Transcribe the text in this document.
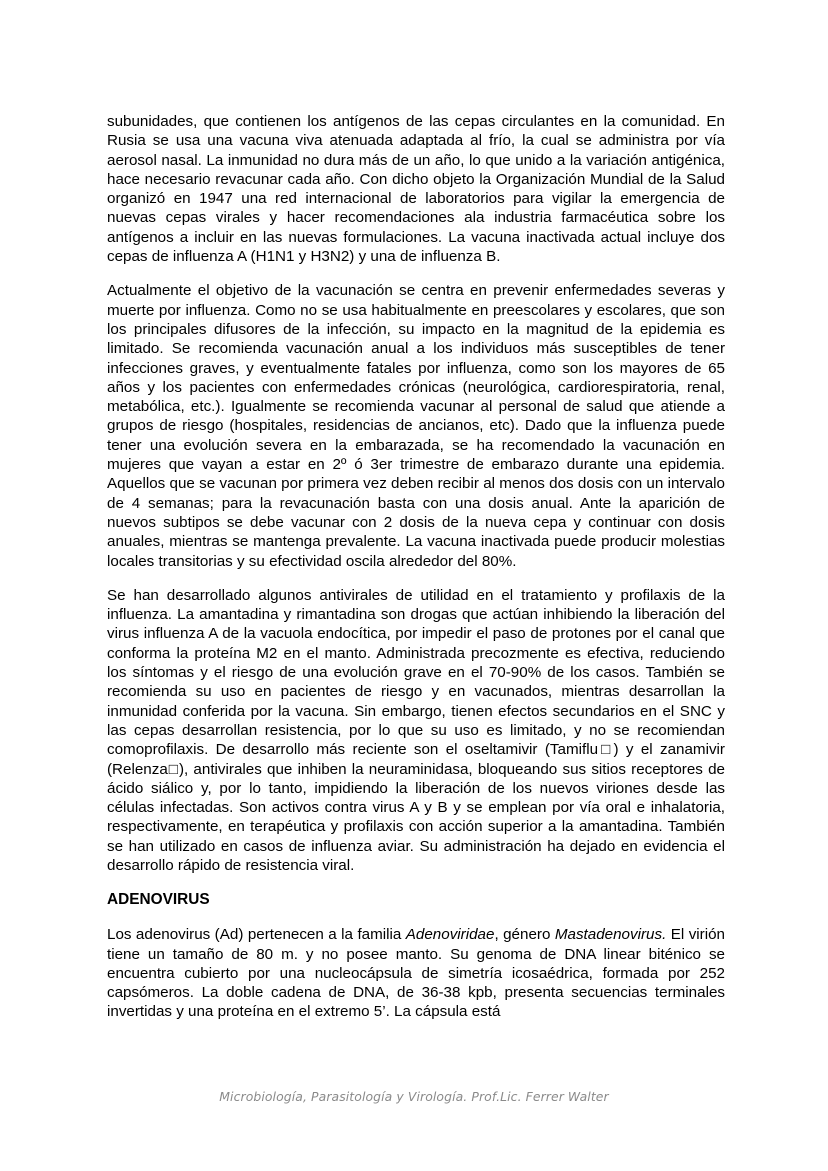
subunidades, que contienen los antígenos de las cepas circulantes en la comunidad. En Rusia se usa una vacuna viva atenuada adaptada al frío, la cual se administra por vía aerosol nasal. La inmunidad no dura más de un año, lo que unido a la variación antigénica, hace necesario revacunar cada año. Con dicho objeto la Organización Mundial de la Salud organizó en 1947 una red internacional de laboratorios para vigilar la emergencia de nuevas cepas virales y hacer recomendaciones ala industria farmacéutica sobre los antígenos a incluir en las nuevas formulaciones. La vacuna inactivada actual incluye dos cepas de influenza A (H1N1 y H3N2) y una de influenza B.

Actualmente el objetivo de la vacunación se centra en prevenir enfermedades severas y muerte por influenza. Como no se usa habitualmente en preescolares y escolares, que son los principales difusores de la infección, su impacto en la magnitud de la epidemia es limitado. Se recomienda vacunación anual a los individuos más susceptibles de tener infecciones graves, y eventualmente fatales por influenza, como son los mayores de 65 años y los pacientes con enfermedades crónicas (neurológica, cardiorespiratoria, renal, metabólica, etc.). Igualmente se recomienda vacunar al personal de salud que atiende a grupos de riesgo (hospitales, residencias de ancianos, etc). Dado que la influenza puede tener una evolución severa en la embarazada, se ha recomendado la vacunación en mujeres que vayan a estar en 2º ó 3er trimestre de embarazo durante una epidemia. Aquellos que se vacunan por primera vez deben recibir al menos dos dosis con un intervalo de 4 semanas; para la revacunación basta con una dosis anual. Ante la aparición de nuevos subtipos se debe vacunar con 2 dosis de la nueva cepa y continuar con dosis anuales, mientras se mantenga prevalente. La vacuna inactivada puede producir molestias locales transitorias y su efectividad oscila alrededor del 80%.

Se han desarrollado algunos antivirales de utilidad en el tratamiento y profilaxis de la influenza. La amantadina y rimantadina son drogas que actúan inhibiendo la liberación del virus influenza A de la vacuola endocítica, por impedir el paso de protones por el canal que conforma la proteína M2 en el manto. Administrada precozmente es efectiva, reduciendo los síntomas y el riesgo de una evolución grave en el 70-90% de los casos. También se recomienda su uso en pacientes de riesgo y en vacunados, mientras desarrollan la inmunidad conferida por la vacuna. Sin embargo, tienen efectos secundarios en el SNC y las cepas desarrollan resistencia, por lo que su uso es limitado, y no se recomiendan comoprofilaxis. De desarrollo más reciente son el oseltamivir (Tamiflu□) y el zanamivir (Relenza□), antivirales que inhiben la neuraminidasa, bloqueando sus sitios receptores de ácido siálico y, por lo tanto, impidiendo la liberación de los nuevos viriones desde las células infectadas. Son activos contra virus A y B y se emplean por vía oral e inhalatoria, respectivamente, en terapéutica y profilaxis con acción superior a la amantadina. También se han utilizado en casos de influenza aviar. Su administración ha dejado en evidencia el desarrollo rápido de resistencia viral.

ADENOVIRUS

Los adenovirus (Ad) pertenecen a la familia Adenoviridae, género Mastadenovirus. El virión tiene un tamaño de 80 m. y no posee manto. Su genoma de DNA linear biténico se encuentra cubierto por una nucleocápsula de simetría icosaédrica, formada por 252 capsómeros. La doble cadena de DNA, de 36-38 kpb, presenta secuencias terminales invertidas y una proteína en el extremo 5’. La cápsula está

Microbiología, Parasitología y Virología. Prof.Lic. Ferrer Walter
